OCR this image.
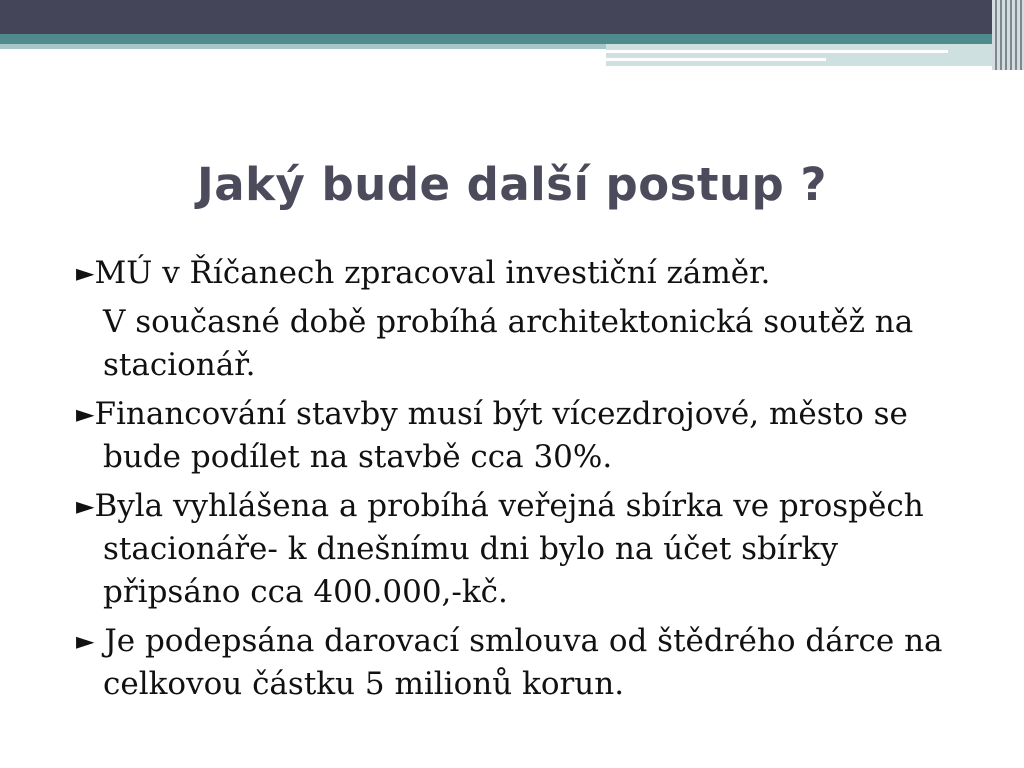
Jaký bude další postup ?

►MÚ v Říčanech zpracoval investiční záměr.

V současné době probíhá architektonická soutěž na stacionář.

►Financování stavby musí být vícezdrojové, město se bude podílet na stavbě cca 30%.

►Byla vyhlášena a probíhá veřejná sbírka ve prospěch stacionáře- k dnešnímu dni bylo na účet sbírky připsáno cca 400.000,-kč.

► Je podepsána darovací smlouva od štědrého dárce na celkovou částku 5 milionů korun.
